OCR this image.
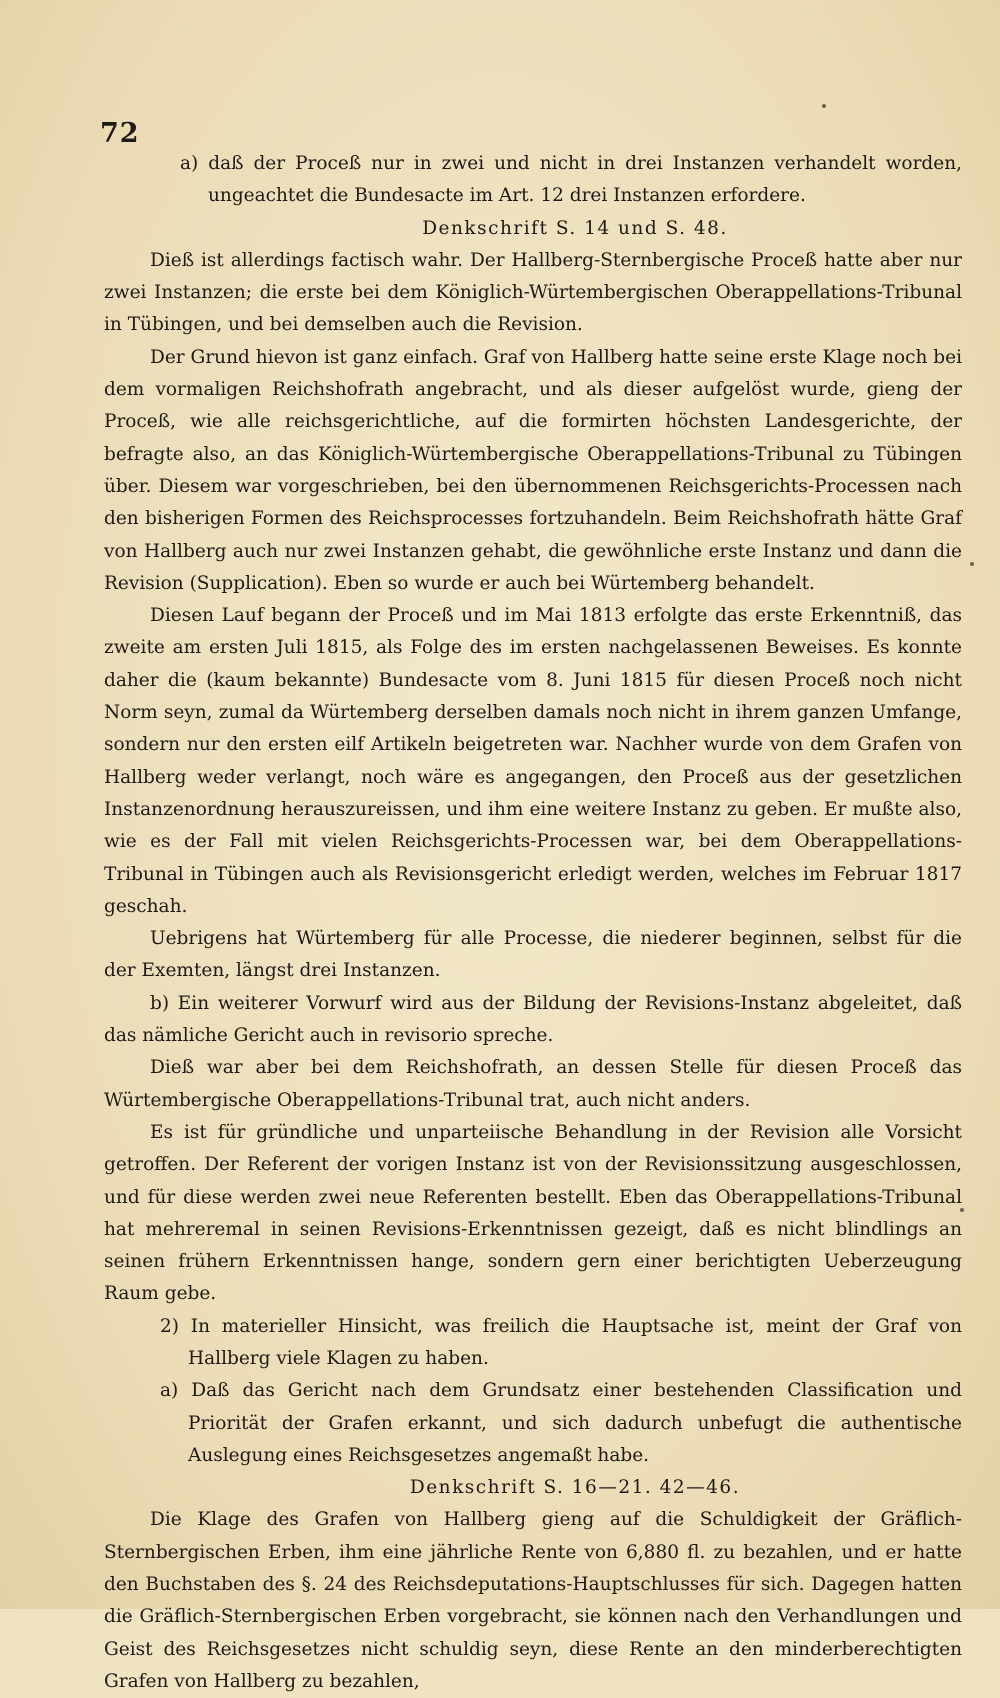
72

a) daß der Proceß nur in zwei und nicht in drei Instanzen verhandelt worden, ungeachtet die Bundesacte im Art. 12 drei Instanzen erfordere.

Denkschrift S. 14 und S. 48.

Dieß ist allerdings factisch wahr. Der Hallberg-Sternbergische Proceß hatte aber nur zwei Instanzen; die erste bei dem Königlich-Würtembergischen Oberappellations-Tribunal in Tübingen, und bei demselben auch die Revision.

Der Grund hievon ist ganz einfach. Graf von Hallberg hatte seine erste Klage noch bei dem vormaligen Reichshofrath angebracht, und als dieser aufgelöst wurde, gieng der Proceß, wie alle reichsgerichtliche, auf die formirten höchsten Landesgerichte, der befragte also, an das Königlich-Würtembergische Oberappellations-Tribunal zu Tübingen über. Diesem war vorgeschrieben, bei den übernommenen Reichsgerichts-Processen nach den bisherigen Formen des Reichsprocesses fortzuhandeln. Beim Reichshofrath hätte Graf von Hallberg auch nur zwei Instanzen gehabt, die gewöhnliche erste Instanz und dann die Revision (Supplication). Eben so wurde er auch bei Würtemberg behandelt.

Diesen Lauf begann der Proceß und im Mai 1813 erfolgte das erste Erkenntniß, das zweite am ersten Juli 1815, als Folge des im ersten nachgelassenen Beweises. Es konnte daher die (kaum bekannte) Bundesacte vom 8. Juni 1815 für diesen Proceß noch nicht Norm seyn, zumal da Würtemberg derselben damals noch nicht in ihrem ganzen Umfange, sondern nur den ersten eilf Artikeln beigetreten war. Nachher wurde von dem Grafen von Hallberg weder verlangt, noch wäre es angegangen, den Proceß aus der gesetzlichen Instanzenordnung herauszureissen, und ihm eine weitere Instanz zu geben. Er mußte also, wie es der Fall mit vielen Reichsgerichts-Processen war, bei dem Oberappellations-Tribunal in Tübingen auch als Revisionsgericht erledigt werden, welches im Februar 1817 geschah.

Uebrigens hat Würtemberg für alle Processe, die niederer beginnen, selbst für die der Exemten, längst drei Instanzen.

b) Ein weiterer Vorwurf wird aus der Bildung der Revisions-Instanz abgeleitet, daß das nämliche Gericht auch in revisorio spreche.

Dieß war aber bei dem Reichshofrath, an dessen Stelle für diesen Proceß das Würtembergische Oberappellations-Tribunal trat, auch nicht anders.

Es ist für gründliche und unparteiische Behandlung in der Revision alle Vorsicht getroffen. Der Referent der vorigen Instanz ist von der Revisionssitzung ausgeschlossen, und für diese werden zwei neue Referenten bestellt. Eben das Oberappellations-Tribunal hat mehreremal in seinen Revisions-Erkenntnissen gezeigt, daß es nicht blindlings an seinen frühern Erkenntnissen hange, sondern gern einer berichtigten Ueberzeugung Raum gebe.

2) In materieller Hinsicht, was freilich die Hauptsache ist, meint der Graf von Hallberg viele Klagen zu haben.

a) Daß das Gericht nach dem Grundsatz einer bestehenden Classification und Priorität der Grafen erkannt, und sich dadurch unbefugt die authentische Auslegung eines Reichsgesetzes angemaßt habe.

Denkschrift S. 16—21. 42—46.

Die Klage des Grafen von Hallberg gieng auf die Schuldigkeit der Gräflich-Sternbergischen Erben, ihm eine jährliche Rente von 6,880 fl. zu bezahlen, und er hatte den Buchstaben des §. 24 des Reichsdeputations-Hauptschlusses für sich. Dagegen hatten die Gräflich-Sternbergischen Erben vorgebracht, sie können nach den Verhandlungen und Geist des Reichsgesetzes nicht schuldig seyn, diese Rente an den minderberechtigten Grafen von Hallberg zu bezahlen,
